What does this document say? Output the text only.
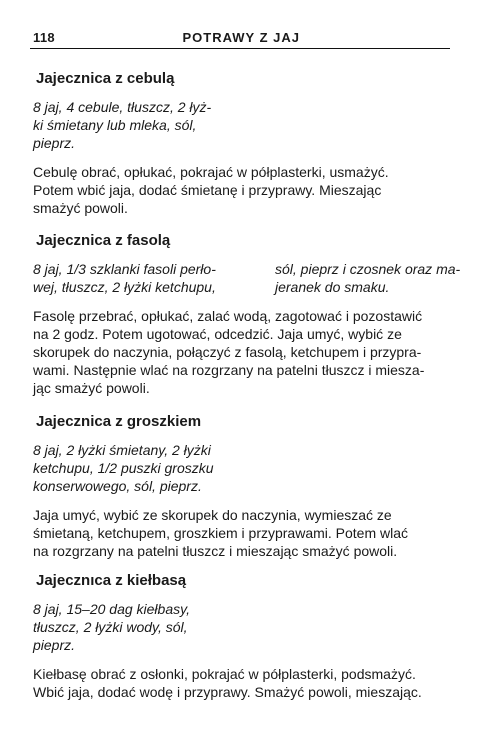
118	POTRAWY Z JAJ
Jajecznica z cebulą
8 jaj, 4 cebule, tłuszcz, 2 łyż-
ki śmietany lub mleka, sól,
pieprz.
Cebulę obrać, opłukać, pokrajać w półplasterki, usmażyć.
Potem wbić jaja, dodać śmietanę i przyprawy. Mieszając
smażyć powoli.
Jajecznica z fasolą
8 jaj, 1/3 szklanki fasoli perło-
wej, tłuszcz, 2 łyżki ketchupu,
sól, pieprz i czosnek oraz ma-
jeranek do smaku.
Fasolę przebrać, opłukać, zalać wodą, zagotować i pozostawić
na 2 godz. Potem ugotować, odcedzić. Jaja umyć, wybić ze
skorupek do naczynia, połączyć z fasolą, ketchupem i przypra-
wami. Następnie wlać na rozgrzany na patelni tłuszcz i miesza-
jąc smażyć powoli.
Jajecznica z groszkiem
8 jaj, 2 łyżki śmietany, 2 łyżki
ketchupu, 1/2 puszki groszku
konserwowego, sól, pieprz.
Jaja umyć, wybić ze skorupek do naczynia, wymieszać ze
śmietaną, ketchupem, groszkiem i przyprawami. Potem wlać
na rozgrzany na patelni tłuszcz i mieszając smażyć powoli.
Jajecznıca z kiełbasą
8 jaj, 15–20 dag kiełbasy,
tłuszcz, 2 łyżki wody, sól,
pieprz.
Kiełbasę obrać z osłonki, pokrajać w półplasterki, podsmażyć.
Wbić jaja, dodać wodę i przyprawy. Smażyć powoli, mieszając.
